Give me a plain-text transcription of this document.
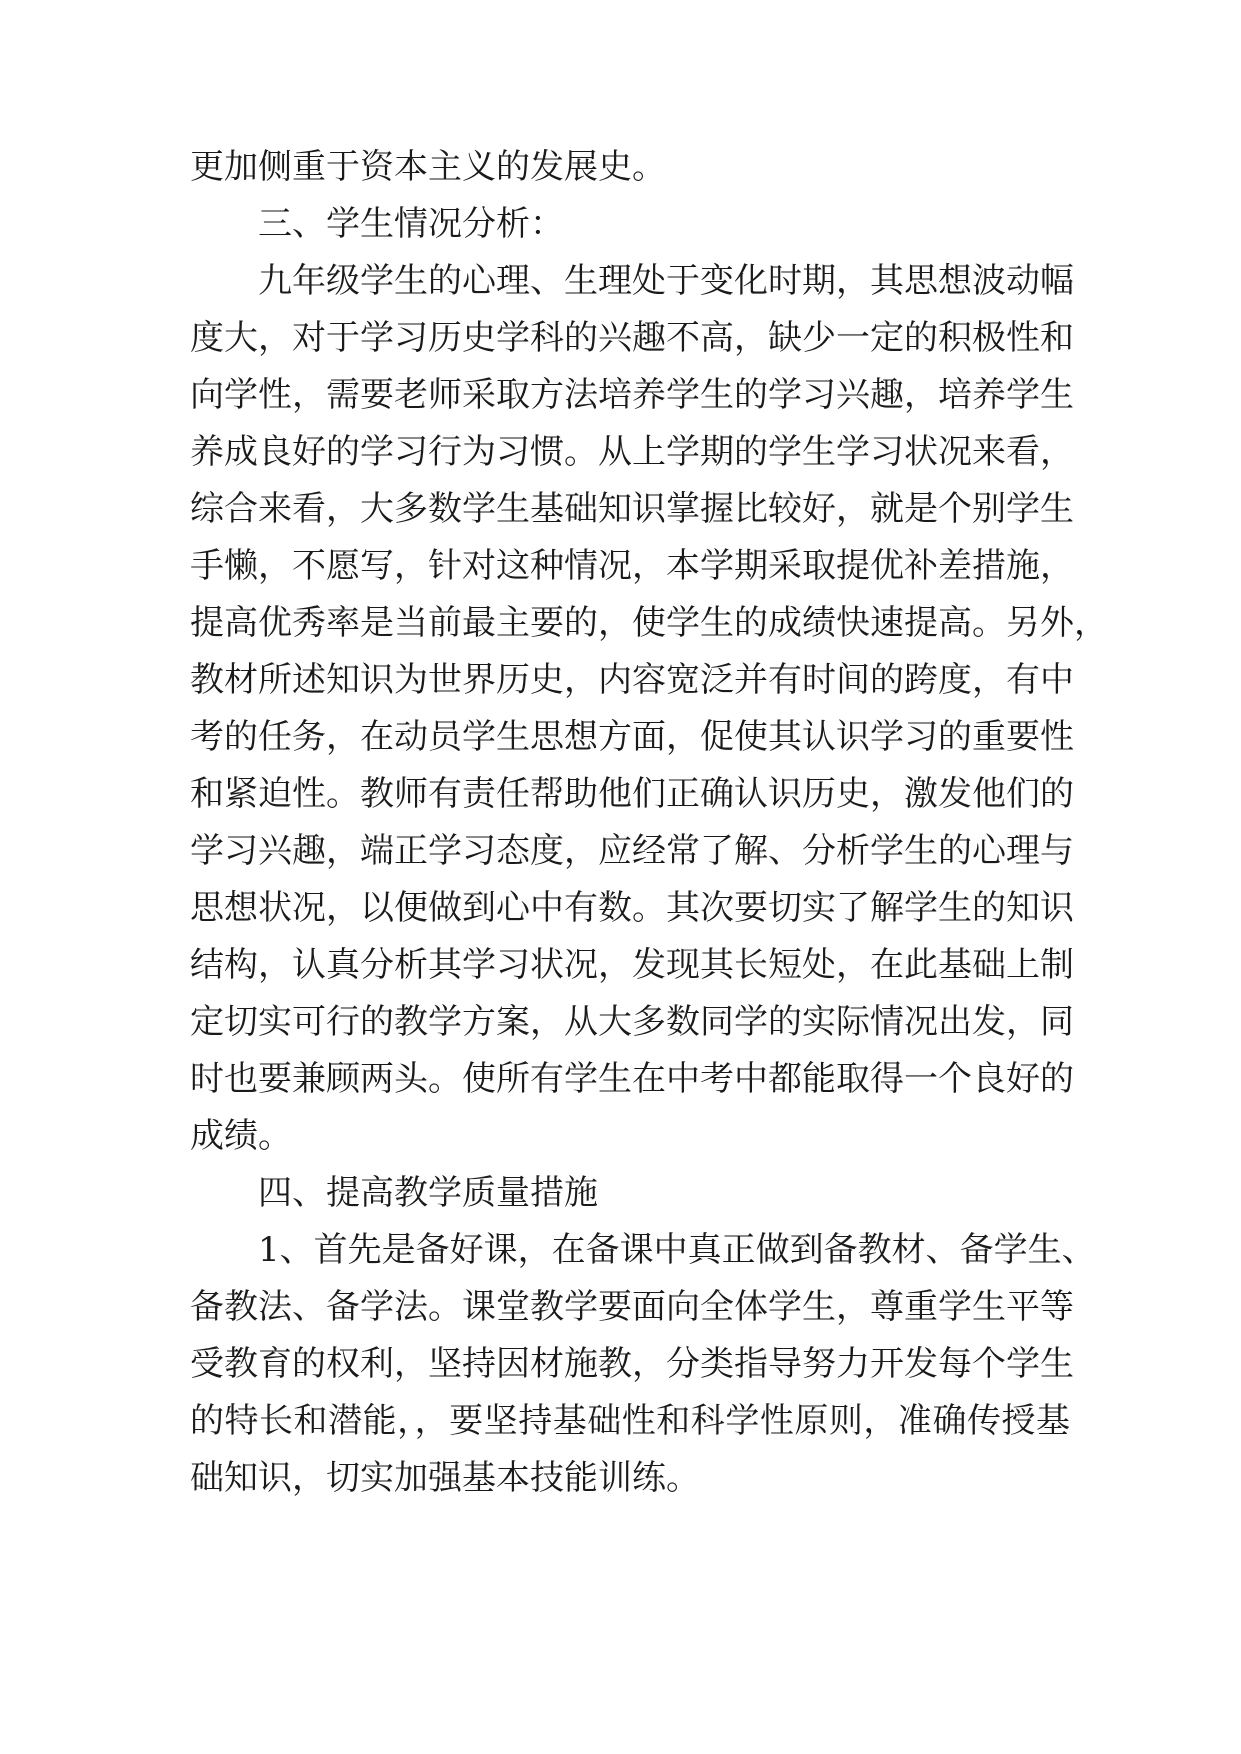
更加侧重于资本主义的发展史。
三、学生情况分析：
九年级学生的心理、生理处于变化时期，其思想波动幅
度大，对于学习历史学科的兴趣不高，缺少一定的积极性和
向学性，需要老师采取方法培养学生的学习兴趣，培养学生
养成良好的学习行为习惯。从上学期的学生学习状况来看，
综合来看，大多数学生基础知识掌握比较好，就是个别学生
手懒，不愿写，针对这种情况，本学期采取提优补差措施，
提高优秀率是当前最主要的，使学生的成绩快速提高。另外，
教材所述知识为世界历史，内容宽泛并有时间的跨度，有中
考的任务，在动员学生思想方面，促使其认识学习的重要性
和紧迫性。教师有责任帮助他们正确认识历史，激发他们的
学习兴趣，端正学习态度，应经常了解、分析学生的心理与
思想状况，以便做到心中有数。其次要切实了解学生的知识
结构，认真分析其学习状况，发现其长短处，在此基础上制
定切实可行的教学方案，从大多数同学的实际情况出发，同
时也要兼顾两头。使所有学生在中考中都能取得一个良好的
成绩。
四、提高教学质量措施
1、首先是备好课，在备课中真正做到备教材、备学生、
备教法、备学法。课堂教学要面向全体学生，尊重学生平等
受教育的权利，坚持因材施教，分类指导努力开发每个学生
的特长和潜能，，要坚持基础性和科学性原则，准确传授基
础知识，切实加强基本技能训练。
